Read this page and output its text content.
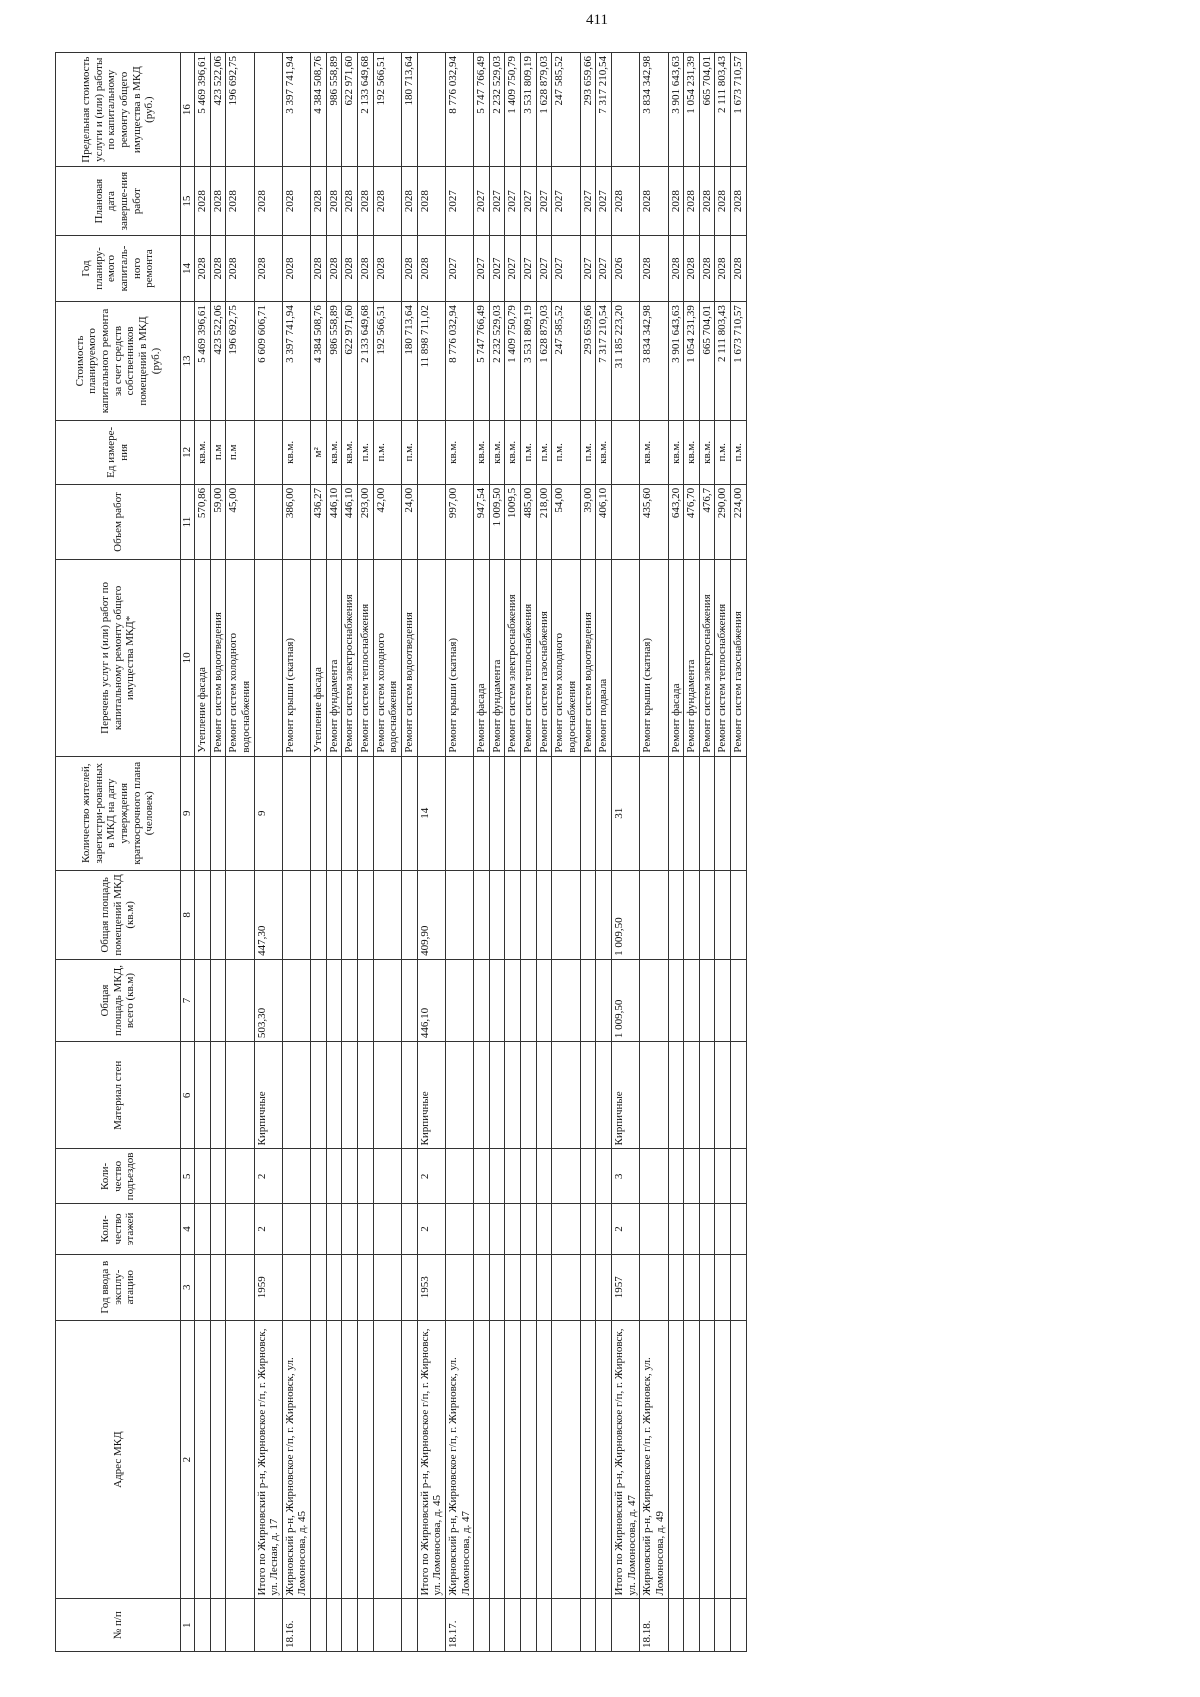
411
№ п/п	Адрес МКД	Год ввода в эксплу-атацию	Коли-чество этажей	Коли-чество подъездов	Материал стен	Общая площадь МКД, всего (кв.м)	Общая площадь помещений МКД (кв.м)	Количество жителей, зарегистри-рованных в МКД на дату утверждения краткосрочного плана (человек)	Перечень услуг и (или) работ по капитальному ремонту общего имущества МКД*	Объем работ	Ед измере-ния	Стоимость планируемого капитального ремонта за счет средств собственников помещений в МКД (руб.)	Год планиру-емого капиталь-ного ремонта	Плановая дата заверше-ния работ	Предельная стоимость услуги и (или) работы по капитальному ремонту общего имущества в МКД (руб.)
1	2	3	4	5	6	7	8	9	10	11	12	13	14	15	16
									Утепление фасада	570,86	кв.м.	5 469 396,61	2028	2028	5 469 396,61
									Ремонт систем водоотведения	59,00	п.м	423 522,06	2028	2028	423 522,06
									Ремонт систем холодного водоснабжения	45,00	п.м	196 692,75	2028	2028	196 692,75
	Итого по Жирновский р-н, Жирновское г/п, г. Жирновск, ул. Лесная, д. 17	1959	2	2	Кирпичные	503,30	447,30	9				6 609 606,71	2028	2028	
18.16.	Жирновский р-н, Жирновское г/п, г. Жирновск, ул. Ломоносова, д. 45								Ремонт крыши (скатная)	386,00	кв.м.	3 397 741,94	2028	2028	3 397 741,94
									Утепление фасада	436,27	м²	4 384 508,76	2028	2028	4 384 508,76
									Ремонт фундамента	446,10	кв.м.	986 558,89	2028	2028	986 558,89
									Ремонт систем электроснабжения	446,10	кв.м.	622 971,60	2028	2028	622 971,60
									Ремонт систем теплоснабжения	293,00	п.м.	2 133 649,68	2028	2028	2 133 649,68
									Ремонт систем холодного водоснабжения	42,00	п.м.	192 566,51	2028	2028	192 566,51
									Ремонт систем водоотведения	24,00	п.м.	180 713,64	2028	2028	180 713,64
	Итого по Жирновский р-н, Жирновское г/п, г. Жирновск, ул. Ломоносова, д. 45	1953	2	2	Кирпичные	446,10	409,90	14				11 898 711,02	2028	2028	
18.17.	Жирновский р-н, Жирновское г/п, г. Жирновск, ул. Ломоносова, д. 47								Ремонт крыши (скатная)	997,00	кв.м.	8 776 032,94	2027	2027	8 776 032,94
									Ремонт фасада	947,54	кв.м.	5 747 766,49	2027	2027	5 747 766,49
									Ремонт фундамента	1 009,50	кв.м.	2 232 529,03	2027	2027	2 232 529,03
									Ремонт систем электроснабжения	1009,5	кв.м.	1 409 750,79	2027	2027	1 409 750,79
									Ремонт систем теплоснабжения	485,00	п.м.	3 531 809,19	2027	2027	3 531 809,19
									Ремонт систем газоснабжения	218,00	п.м.	1 628 879,03	2027	2027	1 628 879,03
									Ремонт систем холодного водоснабжения	54,00	п.м.	247 585,52	2027	2027	247 585,52
									Ремонт систем водоотведения	39,00	п.м.	293 659,66	2027	2027	293 659,66
									Ремонт подвала	406,10	кв.м.	7 317 210,54	2027	2027	7 317 210,54
	Итого по Жирновский р-н, Жирновское г/п, г. Жирновск, ул. Ломоносова, д. 47	1957	2	3	Кирпичные	1 009,50	1 009,50	31				31 185 223,20	2026	2028	
18.18.	Жирновский р-н, Жирновское г/п, г. Жирновск, ул. Ломоносова, д. 49								Ремонт крыши (скатная)	435,60	кв.м.	3 834 342,98	2028	2028	3 834 342,98
									Ремонт фасада	643,20	кв.м.	3 901 643,63	2028	2028	3 901 643,63
									Ремонт фундамента	476,70	кв.м.	1 054 231,39	2028	2028	1 054 231,39
									Ремонт систем электроснабжения	476,7	кв.м.	665 704,01	2028	2028	665 704,01
									Ремонт систем теплоснабжения	290,00	п.м.	2 111 803,43	2028	2028	2 111 803,43
									Ремонт систем газоснабжения	224,00	п.м.	1 673 710,57	2028	2028	1 673 710,57
